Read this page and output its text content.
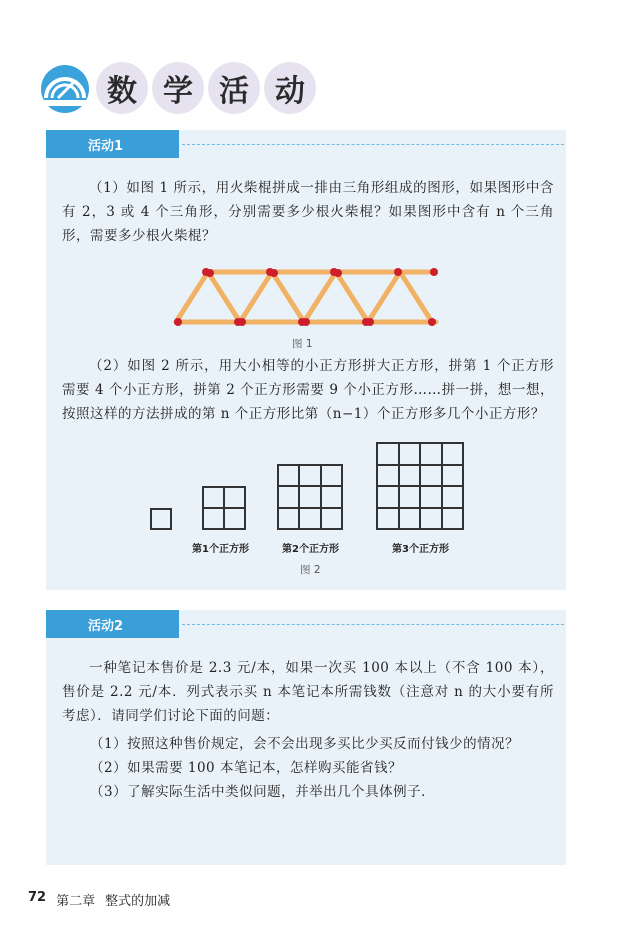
数 学 活 动
活动1
（1）如图 1 所示，用火柴棍拼成一排由三角形组成的图形，如果图形中含有 2，3 或 4 个三角形，分别需要多少根火柴棍？如果图形中含有 n 个三角形，需要多少根火柴棍？
图 1
（2）如图 2 所示，用大小相等的小正方形拼大正方形，拼第 1 个正方形需要 4 个小正方形，拼第 2 个正方形需要 9 个小正方形……拼一拼，想一想，按照这样的方法拼成的第 n 个正方形比第（n−1）个正方形多几个小正方形？
第1个正方形	第2个正方形	第3个正方形
图 2
活动2
一种笔记本售价是 2.3 元/本，如果一次买 100 本以上（不含 100 本），售价是 2.2 元/本．列式表示买 n 本笔记本所需钱数（注意对 n 的大小要有所考虑）．请同学们讨论下面的问题：
（1）按照这种售价规定，会不会出现多买比少买反而付钱少的情况？
（2）如果需要 100 本笔记本，怎样购买能省钱？
（3）了解实际生活中类似问题，并举出几个具体例子．
72 第二章 整式的加减
